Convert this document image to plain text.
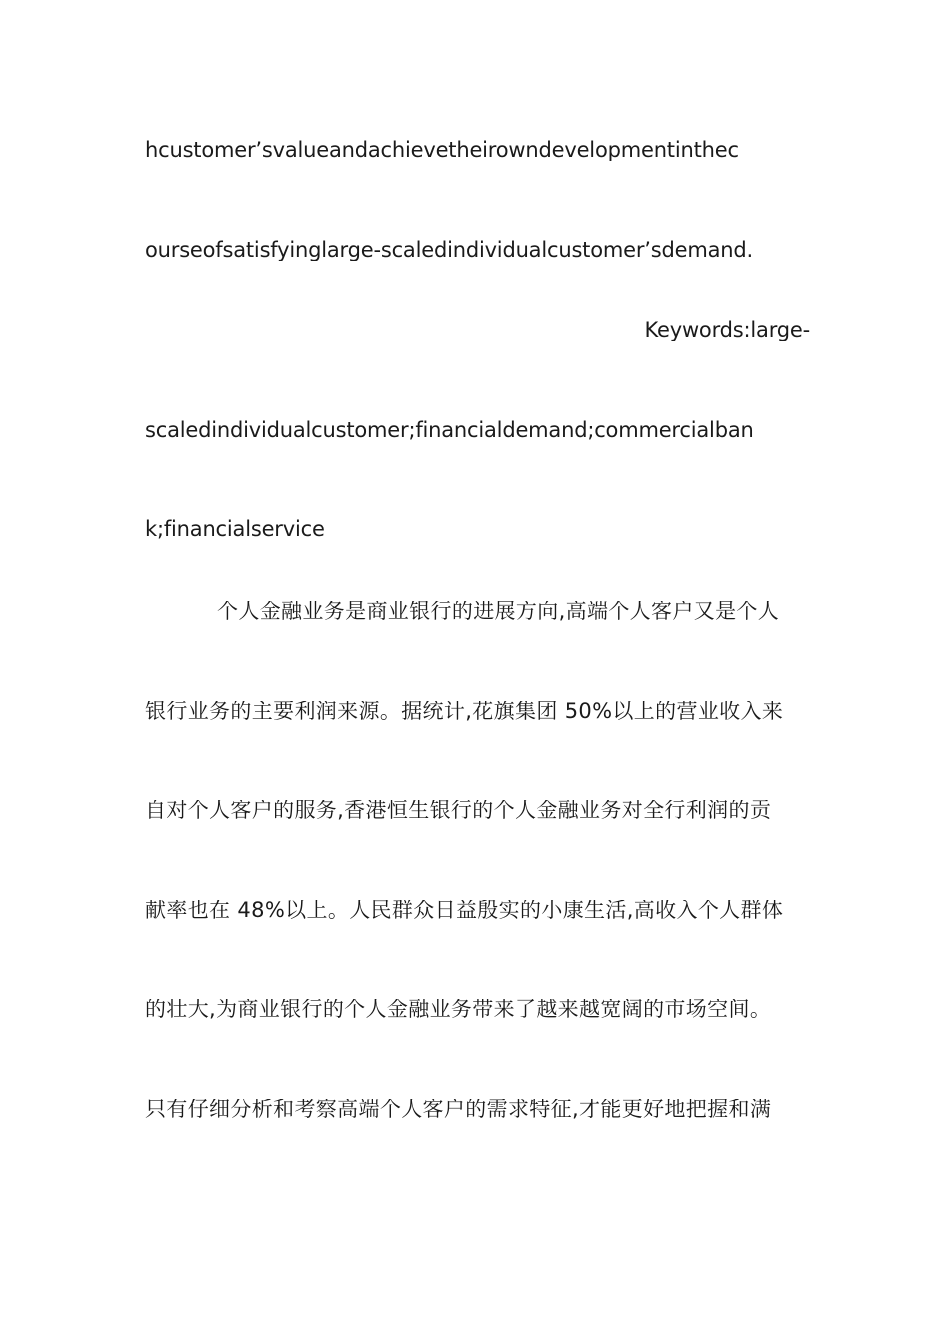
hcustomer’svalueandachievetheirowndevelopmentinthec
ourseofsatisfyinglarge-scaledindividualcustomer’sdemand.
Keywords:large-
scaledindividualcustomer;financialdemand;commercialban
k;financialservice
个人金融业务是商业银行的进展方向,高端个人客户又是个人
银行业务的主要利润来源。据统计,花旗集团 50%以上的营业收入来
自对个人客户的服务,香港恒生银行的个人金融业务对全行利润的贡
献率也在 48%以上。人民群众日益殷实的小康生活,高收入个人群体
的壮大,为商业银行的个人金融业务带来了越来越宽阔的市场空间。
只有仔细分析和考察高端个人客户的需求特征,才能更好地把握和满
